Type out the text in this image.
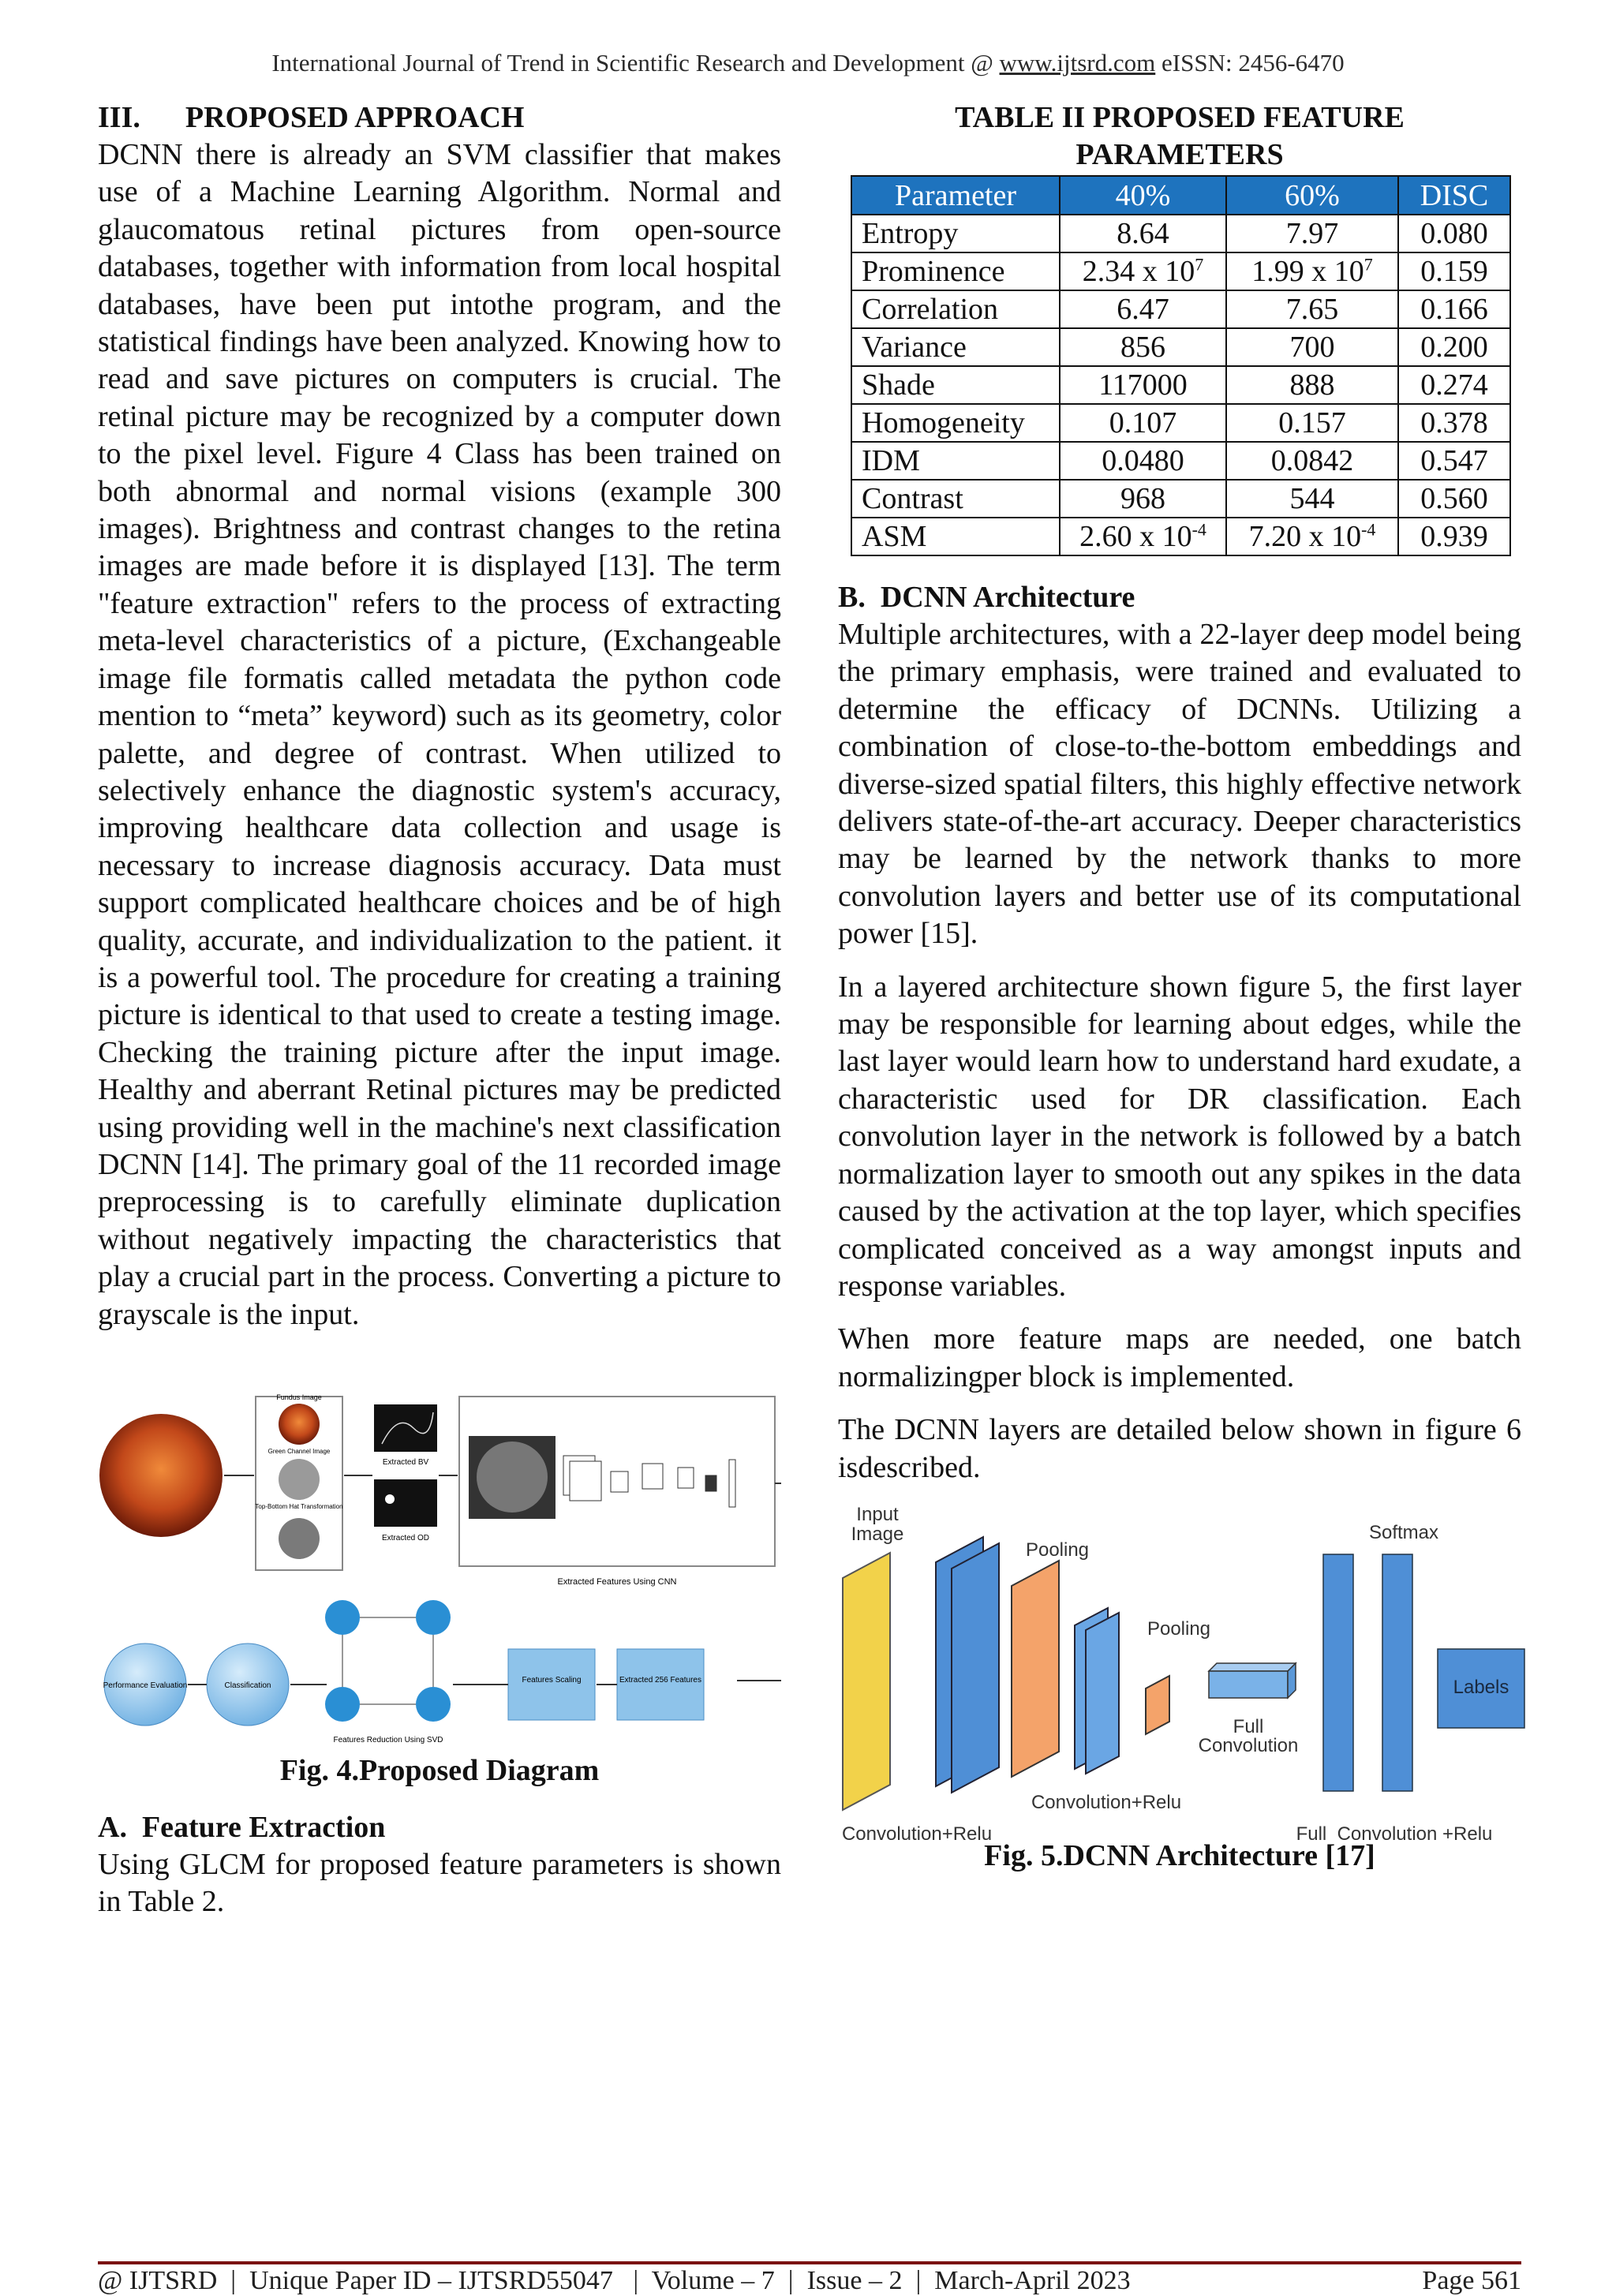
International Journal of Trend in Scientific Research and Development @ www.ijtsrd.com eISSN: 2456-6470

III.      PROPOSED APPROACH

DCNN there is already an SVM classifier that makes use of a Machine Learning Algorithm. Normal and glaucomatous retinal pictures from open-source databases, together with information from local hospital databases, have been put intothe program, and the statistical findings have been analyzed. Knowing how to read and save pictures on computers is crucial. The retinal picture may be recognized by a computer down to the pixel level. Figure 4 Class has been trained on both abnormal and normal visions (example 300 images). Brightness and contrast changes to the retina images are made before it is displayed [13]. The term "feature extraction" refers to the process of extracting meta-level characteristics of a picture, (Exchangeable image file formatis called metadata the python code mention to “meta” keyword) such as its geometry, color palette, and degree of contrast. When utilized to selectively enhance the diagnostic system's accuracy, improving healthcare data collection and usage is necessary to increase diagnosis accuracy. Data must support complicated healthcare choices and be of high quality, accurate, and individualization to the patient. it is a powerful tool. The procedure for creating a training picture is identical to that used to create a testing image. Checking the training picture after the input image. Healthy and aberrant Retinal pictures may be predicted using providing well in the machine's next classification DCNN [14]. The primary goal of the 11 recorded image preprocessing is to carefully eliminate duplication without negatively impacting the characteristics that play a crucial part in the process. Converting a picture to grayscale is the input.

Fundus Image
Green Channel Image
Top-Bottom Hat Transformation
Extracted BV
Extracted OD
Extracted Features Using CNN
Extracted 256 Features
Features Scaling
Features Reduction Using SVD
Classification
Performance Evaluation
Fig. 4.Proposed Diagram

A.  Feature Extraction

Using GLCM for proposed feature parameters is shown in Table 2.

TABLE II PROPOSED FEATURE
PARAMETERS
Parameter	40%	60%	DISC
Entropy	8.64	7.97	0.080
Prominence	2.34 x $10^7$	1.99 x $10^7$	0.159
Correlation	6.47	7.65	0.166
Variance	856	700	0.200
Shade	117000	888	0.274
Homogeneity	0.107	0.157	0.378
IDM	0.0480	0.0842	0.547
Contrast	968	544	0.560
ASM	2.60 x $10^{-4}$	7.20 x $10^{-4}$	0.939

B.  DCNN Architecture

Multiple architectures, with a 22-layer deep model being the primary emphasis, were trained and evaluated to determine the efficacy of DCNNs. Utilizing a combination of close-to-the-bottom embeddings and diverse-sized spatial filters, this highly effective network delivers state-of-the-art accuracy. Deeper characteristics may be learned by the network thanks to more convolution layers and better use of its computational power [15].

In a layered architecture shown figure 5, the first layer may be responsible for learning about edges, while the last layer would learn how to understand hard exudate, a characteristic used for DR classification. Each convolution layer in the network is followed by a batch normalization layer to smooth out any spikes in the data caused by the activation at the top layer, which specifies complicated conceived as a way amongst inputs and response variables.

When more feature maps are needed, one batch normalizingper block is implemented.

The DCNN layers are detailed below shown in figure 6 isdescribed.

Input
Image
Pooling
Pooling
Full
Convolution
Softmax
Labels
Convolution+Relu
Convolution+Relu	Full  Convolution +Relu
Fig. 5.DCNN Architecture [17]
@ IJTSRD  |  Unique Paper ID – IJTSRD55047   |  Volume – 7  |  Issue – 2  |  March-April 2023	Page 561
